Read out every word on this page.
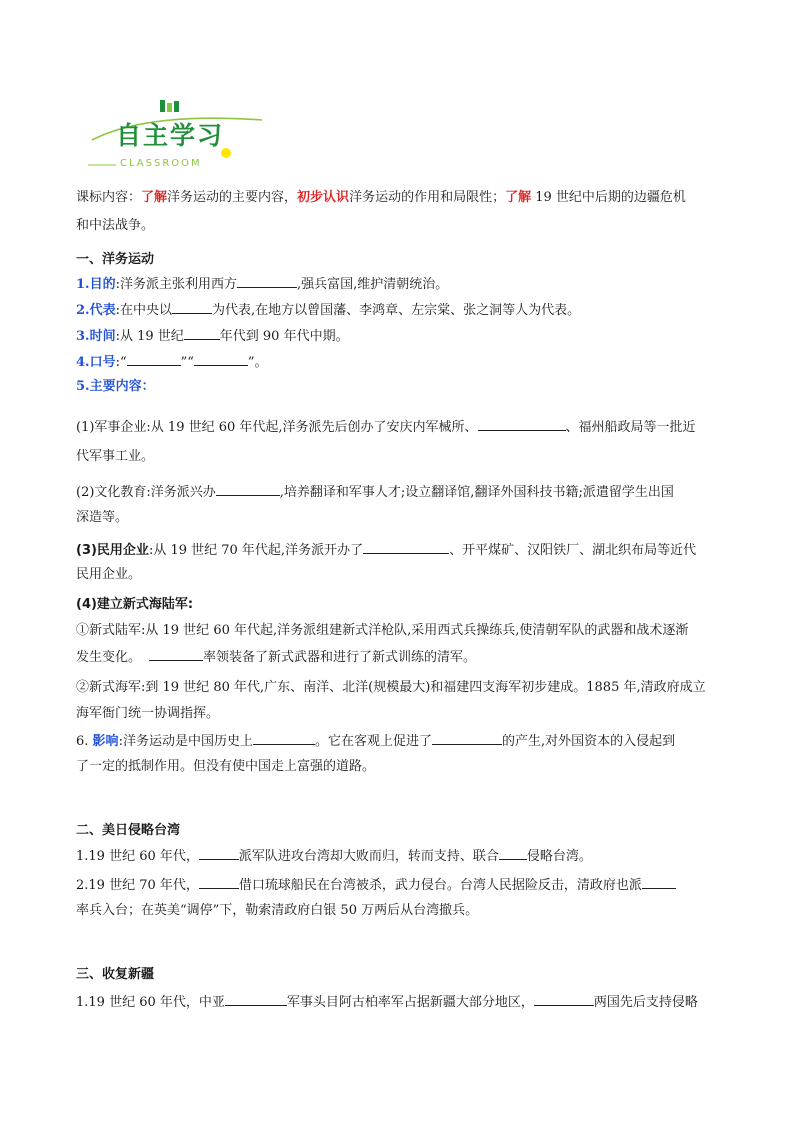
自主学习
CLASSROOM
课标内容：了解洋务运动的主要内容，初步认识洋务运动的作用和局限性；了解 19 世纪中后期的边疆危机
和中法战争。
一、洋务运动
1.目的:洋务派主张利用西方	,强兵富国,维护清朝统治。
2.代表:在中央以	为代表,在地方以曾国藩、李鸿章、左宗棠、张之洞等人为代表。
3.时间:从 19 世纪	年代到 90 年代中期。
4.口号:“	”“	”。
5.主要内容：
(1)军事企业:从 19 世纪 60 年代起,洋务派先后创办了安庆内军械所、	、福州船政局等一批近
代军事工业。
(2)文化教育:洋务派兴办	,培养翻译和军事人才;设立翻译馆,翻译外国科技书籍;派遣留学生出国
深造等。
(3)民用企业:从 19 世纪 70 年代起,洋务派开办了	、开平煤矿、汉阳铁厂、湖北织布局等近代
民用企业。
(4)建立新式海陆军:
①新式陆军:从 19 世纪 60 年代起,洋务派组建新式洋枪队,采用西式兵操练兵,使清朝军队的武器和战术逐渐
发生变化。	率领装备了新式武器和进行了新式训练的清军。
②新式海军:到 19 世纪 80 年代,广东、南洋、北洋(规模最大)和福建四支海军初步建成。1885 年,清政府成立
海军衙门统一协调指挥。
6. 影响:洋务运动是中国历史上	。它在客观上促进了	的产生,对外国资本的入侵起到
了一定的抵制作用。但没有使中国走上富强的道路。
二、美日侵略台湾
1.19 世纪 60 年代，	派军队进攻台湾却大败而归，转而支持、联合 侵略台湾。
2.19 世纪 70 年代，	借口琉球船民在台湾被杀，武力侵台。台湾人民据险反击，清政府也派
率兵入台；在英美“调停”下，勒索清政府白银 50 万两后从台湾撤兵。
三、收复新疆
1.19 世纪 60 年代，中亚	军事头目阿古柏率军占据新疆大部分地区，	两国先后支持侵略
